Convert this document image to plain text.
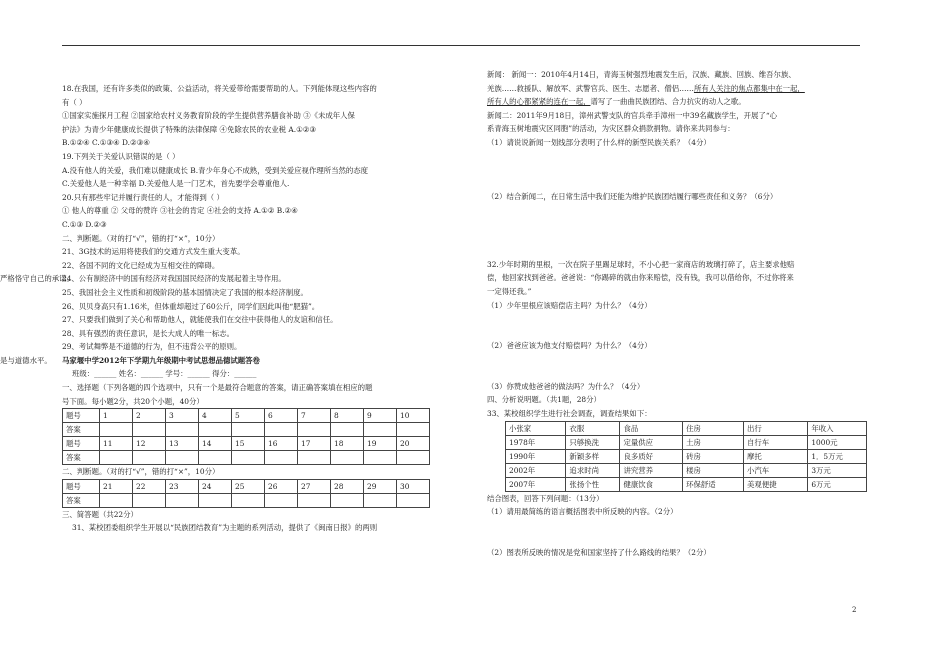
18.在我国，还有许多类似的政策、公益活动，将关爱带给需要帮助的人。下列能体现这些内容的
有（ ）
①国家实施探月工程 ②国家给农村义务教育阶段的学生提供营养膳食补助 ③《未成年人保
护法》为青少年健康成长提供了特殊的法律保障 ④免除农民的农业税 A.①②③
B.①②④ C.①③④ D.②③④
19.下列关于关爱认识错误的是（ ）
A.没有他人的关爱，我们难以健康成长 B.青少年身心不成熟，受到关爱应视作理所当然的态度
C.关爱他人是一种幸福 D.关爱他人是一门艺术，首先要学会尊重他人.
20.只有那些牢记并履行责任的人，才能得到（ ）
① 他人的尊重 ② 父母的赞许 ③社会的肯定 ④社会的支持 A.①② B.②④
C.①③ D.②③
二、判断题。（对的打“√”，错的打“×”，10分）
21、3G技术的运用将使我们的交通方式发生重大变革。
22、各国不同的文化已经成为互相交往的障碍。
严格恪守自己的承诺。
24、公有制经济中的国有经济对我国国民经济的发展起着主导作用。
25、我国社会主义性质和初级阶段的基本国情决定了我国的根本经济制度。
26、贝贝身高只有1.16米，但体重却超过了60公斤，同学们因此叫他“肥猫”。
27、只要我们做到了关心和帮助他人，就能使我们在交往中获得他人的友谊和信任。
28、具有强烈的责任意识，是长大成人的唯一标志。
29、考试舞弊是不道德的行为，但不违背公平的原则。
是与道德水平。 马家堰中学2012年下学期九年级期中考试思想品德试题答卷
班级：______ 姓名：______ 学号：______ 得分：______
一、选择题（下列各题的四个选项中，只有一个是最符合题意的答案，请正确答案填在相应的题
号下面。每小题2分，共20个小题，40分）
题号	1	2	3	4	5	6	7	8	9	10
答案										
题号	11	12	13	14	15	16	17	18	19	20
答案										
二、判断题。（对的打“√”，错的打“×”，10分）
题号	21	22	23	24	25	26	27	28	29	30
答案										
三、简答题（共22分）
31、某校团委组织学生开展以“民族团结教育”为主题的系列活动，提供了《闽南日报》的两则
新闻： 新闻一：2010年4月14日，青海玉树强烈地震发生后，汉族、藏族、回族、维吾尔族、
羌族……救援队、解放军、武警官兵、医生、志愿者、僧侣……所有人关注的焦点都集中在一起，
所有人的心都紧紧的连在一起，谱写了一曲曲民族团结、合力抗灾的动人之歌。
新闻二：2011年9月18日，漳州武警支队的官兵牵手漳州一中39名藏族学生，开展了“心
系青海玉树地震灾区同胞”的活动，为灾区群众捐款捐物。请你来共同参与：
（1）请说说新闻一划线部分表明了什么样的新型民族关系？（4分）
（2）结合新闻二，在日常生活中我们还能为维护民族团结履行哪些责任和义务？（6分）
32.少年时期的里根，一次在院子里踢足球时，不小心把一家商店的玻璃打碎了，店主要求他赔
偿，他回家找到爸爸。爸爸说：“你踢碎的就由你来赔偿，没有钱，我可以借给你，不过你将来
一定得还我。”
（1）少年里根应该赔偿店主吗？为什么？（4分）
（2）爸爸应该为他支付赔偿吗？为什么？（4分）
（3）你赞成他爸爸的做法吗？为什么？（4分）
四、分析说明题。（共1题，28分）
33、某校组织学生进行社会调查，调查结果如下：
小张家	衣服	食品	住房	出行	年收入
1978年	只够换洗	定量供应	土房	自行车	1000元
1990年	新颖多样	良多质好	砖房	摩托	1．5万元
2002年	追求时尚	讲究营养	楼房	小汽车	3万元
2007年	张扬个性	健康饮食	环保舒适	美观便捷	6万元
结合图表，回答下列问题：（13分）
（1）请用最简练的语言概括图表中所反映的内容。（2分）
（2）图表所反映的情况是党和国家坚持了什么路线的结果？（2分）
2
